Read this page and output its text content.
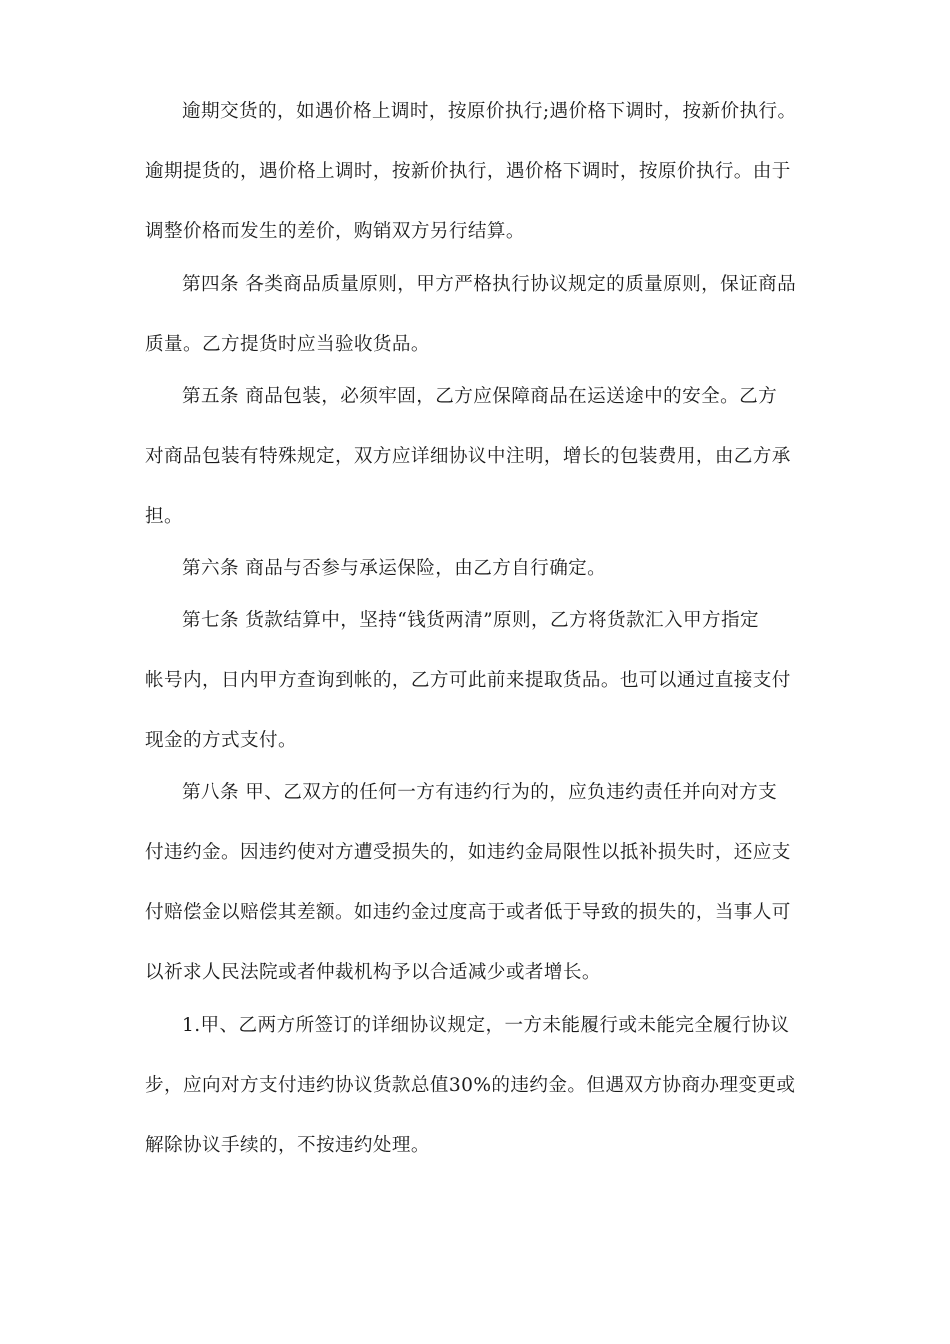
逾期交货的，如遇价格上调时，按原价执行;遇价格下调时，按新价执行。
逾期提货的，遇价格上调时，按新价执行，遇价格下调时，按原价执行。由于
调整价格而发生的差价，购销双方另行结算。
第四条 各类商品质量原则，甲方严格执行协议规定的质量原则，保证商品
质量。乙方提货时应当验收货品。
第五条 商品包装，必须牢固，乙方应保障商品在运送途中的安全。乙方
对商品包装有特殊规定，双方应详细协议中注明，增长的包装费用，由乙方承
担。
第六条 商品与否参与承运保险，由乙方自行确定。
第七条 货款结算中，坚持“钱货两清”原则，乙方将货款汇入甲方指定
帐号内，日内甲方查询到帐的，乙方可此前来提取货品。也可以通过直接支付
现金的方式支付。
第八条 甲、乙双方的任何一方有违约行为的，应负违约责任并向对方支
付违约金。因违约使对方遭受损失的，如违约金局限性以抵补损失时，还应支
付赔偿金以赔偿其差额。如违约金过度高于或者低于导致的损失的，当事人可
以祈求人民法院或者仲裁机构予以合适减少或者增长。
1.甲、乙两方所签订的详细协议规定，一方未能履行或未能完全履行协议
步，应向对方支付违约协议货款总值30%的违约金。但遇双方协商办理变更或
解除协议手续的，不按违约处理。
